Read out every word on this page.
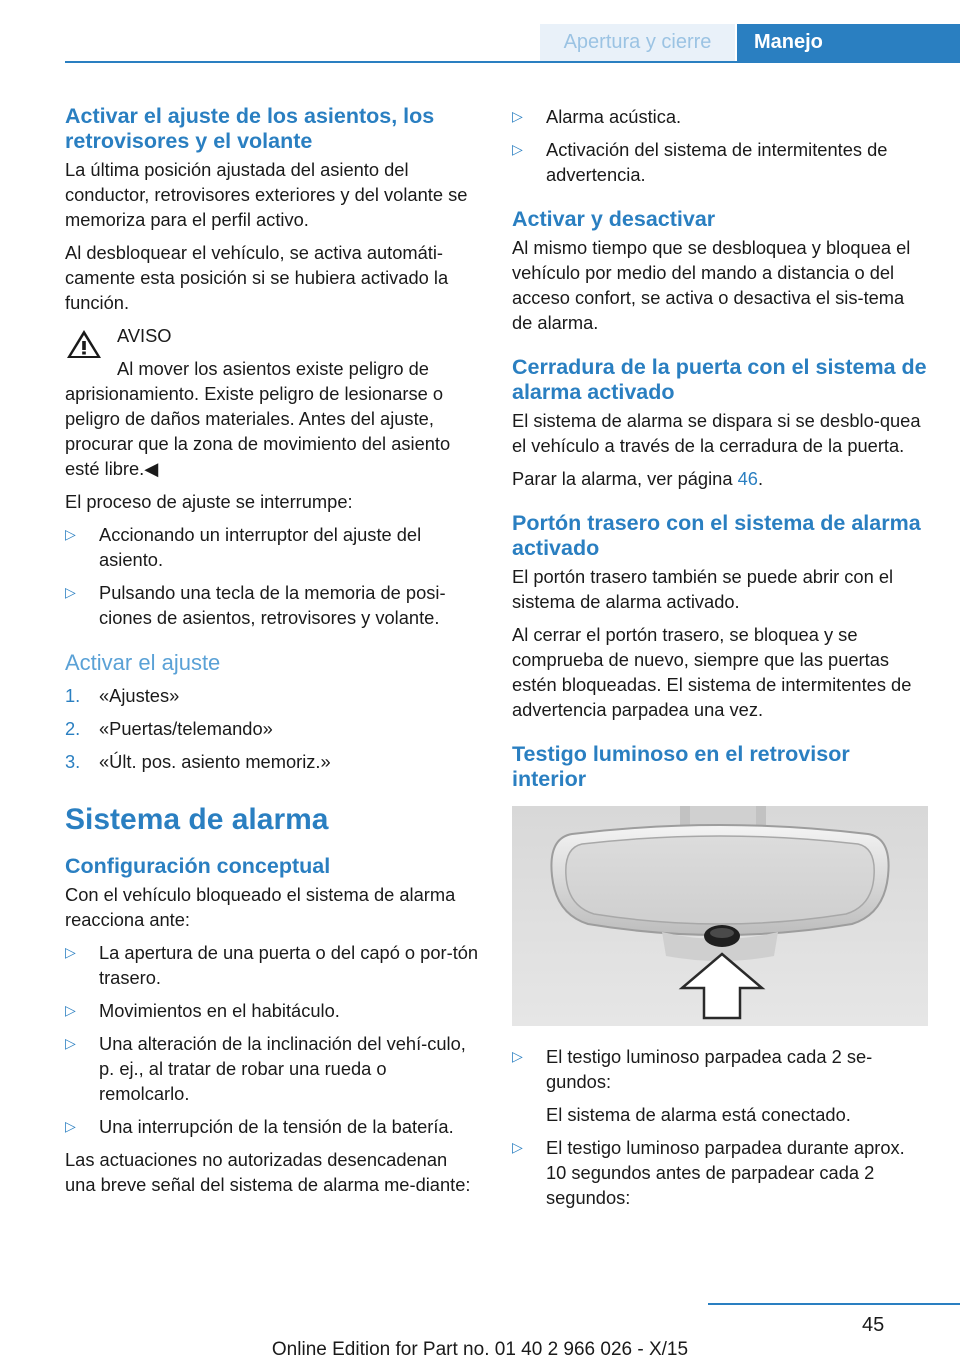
Apertura y cierre	Manejo
Activar el ajuste de los asientos, los retrovisores y el volante

La última posición ajustada del asiento del conductor, retrovisores exteriores y del volante se memoriza para el perfil activo.

Al desbloquear el vehículo, se activa automáti‐camente esta posición si se hubiera activado la función.

AVISO
Al mover los asientos existe peligro de
aprisionamiento. Existe peligro de lesionarse o peligro de daños materiales. Antes del ajuste, procurar que la zona de movimiento del asiento esté libre.◀

El proceso de ajuste se interrumpe:

▷ Accionando un interruptor del ajuste del asiento.
▷ Pulsando una tecla de la memoria de posi‐ciones de asientos, retrovisores y volante.
Activar el ajuste
1. «Ajustes»
2. «Puertas/telemando»
3. «Últ. pos. asiento memoriz.»
Sistema de alarma
Configuración conceptual

Con el vehículo bloqueado el sistema de alarma reacciona ante:

▷ La apertura de una puerta o del capó o por‐tón trasero.
▷ Movimientos en el habitáculo.
▷ Una alteración de la inclinación del vehí‐culo, p. ej., al tratar de robar una rueda o remolcarlo.
▷ Una interrupción de la tensión de la batería.

Las actuaciones no autorizadas desencadenan una breve señal del sistema de alarma me‐diante:

▷ Alarma acústica.
▷ Activación del sistema de intermitentes de advertencia.
Activar y desactivar

Al mismo tiempo que se desbloquea y bloquea el vehículo por medio del mando a distancia o del acceso confort, se activa o desactiva el sis‐tema de alarma.

Cerradura de la puerta con el sistema de alarma activado

El sistema de alarma se dispara si se desblo‐quea el vehículo a través de la cerradura de la puerta.

Parar la alarma, ver página 46.

Portón trasero con el sistema de alarma activado

El portón trasero también se puede abrir con el sistema de alarma activado.

Al cerrar el portón trasero, se bloquea y se comprueba de nuevo, siempre que las puertas estén bloqueadas. El sistema de intermitentes de advertencia parpadea una vez.

Testigo luminoso en el retrovisor interior
▷ El testigo luminoso parpadea cada 2 se‐gundos:
El sistema de alarma está conectado.
▷ El testigo luminoso parpadea durante aprox. 10 segundos antes de parpadear cada 2 segundos:
45
Online Edition for Part no. 01 40 2 966 026 - X/15
